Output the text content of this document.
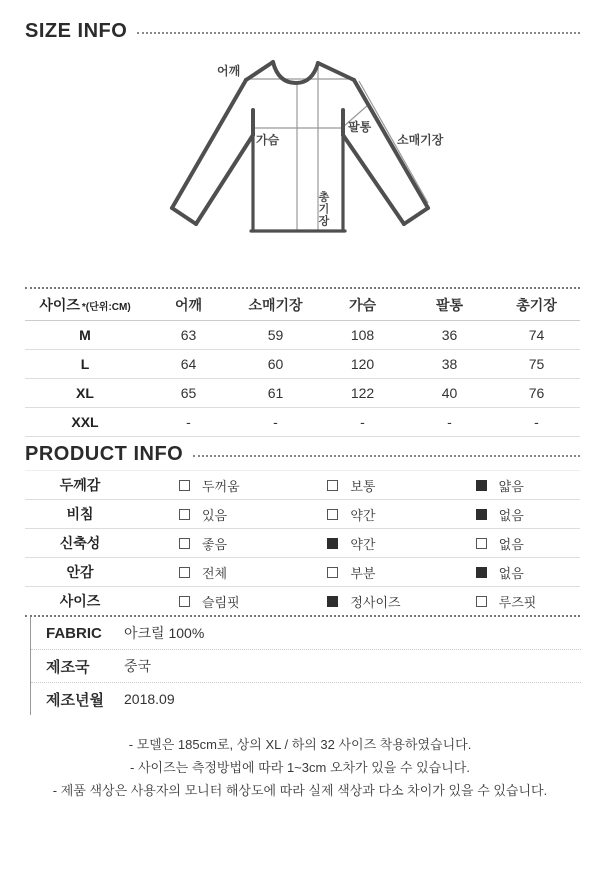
SIZE INFO
어깨
가슴
팔통
소매기장
총기장
사이즈 *(단위:CM)	어깨	소매기장	가슴	팔통	총기장
M	63	59	108	36	74
L	64	60	120	38	75
XL	65	61	122	40	76
XXL	-	-	-	-	-
PRODUCT INFO
두께감	두꺼움	보통	얇음
비침	있음	약간	없음
신축성	좋음	약간	없음
안감	전체	부분	없음
사이즈	슬림핏	정사이즈	루즈핏
FABRIC	아크릴 100%
제조국	중국
제조년월	2018.09
- 모델은 185cm로, 상의 XL / 하의 32 사이즈 착용하였습니다.
- 사이즈는 측정방법에 따라 1~3cm 오차가 있을 수 있습니다.
- 제품 색상은 사용자의 모니터 해상도에 따라 실제 색상과 다소 차이가 있을 수 있습니다.
